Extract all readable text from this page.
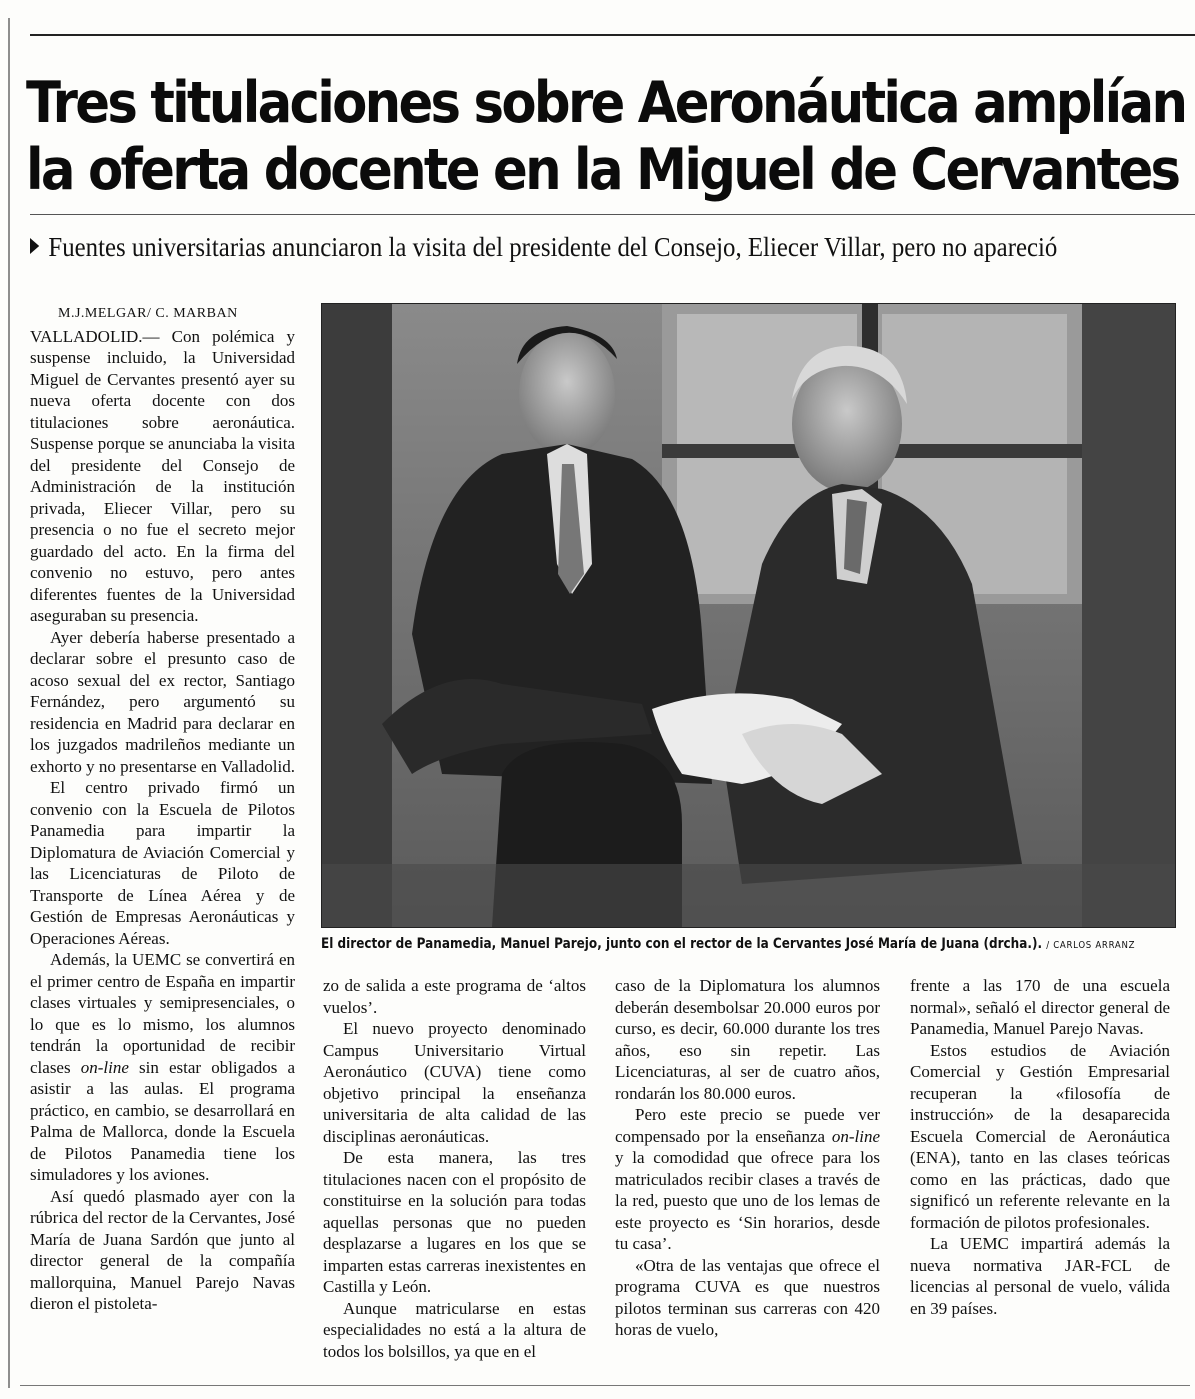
Tres titulaciones sobre Aeronáutica amplían
la oferta docente en la Miguel de Cervantes
Fuentes universitarias anunciaron la visita del presidente del Consejo, Eliecer Villar, pero no apareció

M.J.MELGAR/ C. MARBAN

VALLADOLID.— Con polémica y suspense incluido, la Universidad Miguel de Cervantes presentó ayer su nueva oferta docente con dos titulaciones sobre aeronáutica. Suspense porque se anunciaba la visita del presidente del Consejo de Administración de la institución privada, Eliecer Villar, pero su presencia o no fue el secreto mejor guardado del acto. En la firma del convenio no estuvo, pero antes diferentes fuentes de la Universidad aseguraban su presencia.

Ayer debería haberse presentado a declarar sobre el presunto caso de acoso sexual del ex rector, Santiago Fernández, pero argumentó su residencia en Madrid para declarar en los juzgados madrileños mediante un exhorto y no presentarse en Valladolid.

El centro privado firmó un convenio con la Escuela de Pilotos Panamedia para impartir la Diplomatura de Aviación Comercial y las Licenciaturas de Piloto de Transporte de Línea Aérea y de Gestión de Empresas Aeronáuticas y Operaciones Aéreas.

Además, la UEMC se convertirá en el primer centro de España en impartir clases virtuales y semipresenciales, o lo que es lo mismo, los alumnos tendrán la oportunidad de recibir clases on-line sin estar obligados a asistir a las aulas. El programa práctico, en cambio, se desarrollará en Palma de Mallorca, donde la Escuela de Pilotos Panamedia tiene los simuladores y los aviones.

Así quedó plasmado ayer con la rúbrica del rector de la Cervantes, José María de Juana Sardón que junto al director general de la compañía mallorquina, Manuel Parejo Navas dieron el pistoleta-

El director de Panamedia, Manuel Parejo, junto con el rector de la Cervantes José María de Juana (drcha.). / CARLOS ARRANZ

zo de salida a este programa de ‘altos vuelos’.

El nuevo proyecto denominado Campus Universitario Virtual Aeronáutico (CUVA) tiene como objetivo principal la enseñanza universitaria de alta calidad de las disciplinas aeronáuticas.

De esta manera, las tres titulaciones nacen con el propósito de constituirse en la solución para todas aquellas personas que no pueden desplazarse a lugares en los que se imparten estas carreras inexistentes en Castilla y León.

Aunque matricularse en estas especialidades no está a la altura de todos los bolsillos, ya que en el

caso de la Diplomatura los alumnos deberán desembolsar 20.000 euros por curso, es decir, 60.000 durante los tres años, eso sin repetir. Las Licenciaturas, al ser de cuatro años, rondarán los 80.000 euros.

Pero este precio se puede ver compensado por la enseñanza on-line y la comodidad que ofrece para los matriculados recibir clases a través de la red, puesto que uno de los lemas de este proyecto es ‘Sin horarios, desde tu casa’.

«Otra de las ventajas que ofrece el programa CUVA es que nuestros pilotos terminan sus carreras con 420 horas de vuelo,

frente a las 170 de una escuela normal», señaló el director general de Panamedia, Manuel Parejo Navas.

Estos estudios de Aviación Comercial y Gestión Empresarial recuperan la «filosofía de instrucción» de la desaparecida Escuela Comercial de Aeronáutica (ENA), tanto en las clases teóricas como en las prácticas, dado que significó un referente relevante en la formación de pilotos profesionales.

La UEMC impartirá además la nueva normativa JAR-FCL de licencias al personal de vuelo, válida en 39 países.
